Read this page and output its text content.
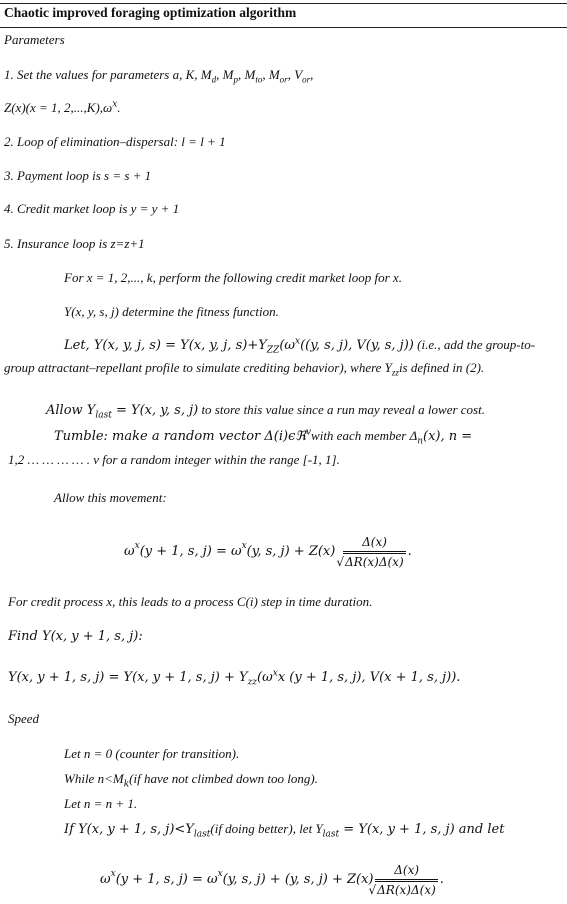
Chaotic improved foraging optimization algorithm
Parameters
1. Set the values for parameters a, K, $M_d$, $M_p$, $M_{to}$, $M_{or}$, $V_{or}$,
Z(x)(x = 1, $2,...,K),\omega^x$.
2. Loop of elimination–dispersal: l = l + 1
3. Payment loop is s = s + 1
4. Credit market loop is y = y + 1
5. Insurance loop is z=z+1
For x = 1, 2,..., k, perform the following credit market loop for x.
Y(x, y, s, j) determine the fitness function.
Let, Y(x, y, j, s) = Y(x, y, j, $s)+Y_{ZZ}(\omega^x((y$, s, j), V(y, s, j)) (i.e., add the group-to-
group attractant–repellant profile to simulate crediting behavior), where $Y_{zz}is$ defined in (2).
Allow $Y_{last} = Y(x$, y, s, j) to store this value since a run may reveal a lower cost.
Tumble: make a random vector Δ(i)ϵℜ$^v$with each member $\Delta_n(x)$, n =
1,2 … … … … . v for a random integer within the range [-1, 1].
Allow this movement:
$\omega^x$ (y + 1, s, $j) = \omega^x$ (y, s, j) + Z(x) Δ(x)
√ ΔR(x)Δ(x) .
For credit process x, this leads to a process C(i) step in time duration.
Find Y(x, y + 1, s, j):
Y(x, y + 1, s, j) = Y(x, y + 1, s, $j) + Y_{zz}(\omega^xx$ (y + 1, s, j), V(x + 1, s, j)).
Speed
Let n = 0 (counter for transition).
While $n<M_k(if$ have not climbed down too long).
Let n = n + 1.
If Y(x, y + 1, s, $j)<Y_{last}(if$ doing better), let $Y_{last} = Y(x$, y + 1, s, j) and let
$\omega^x$ (y + 1, s, $j) = \omega^x$ (y, s, j) + (y, s, j) + Z(x) Δ(x)
√ ΔR(x)Δ(x) .
